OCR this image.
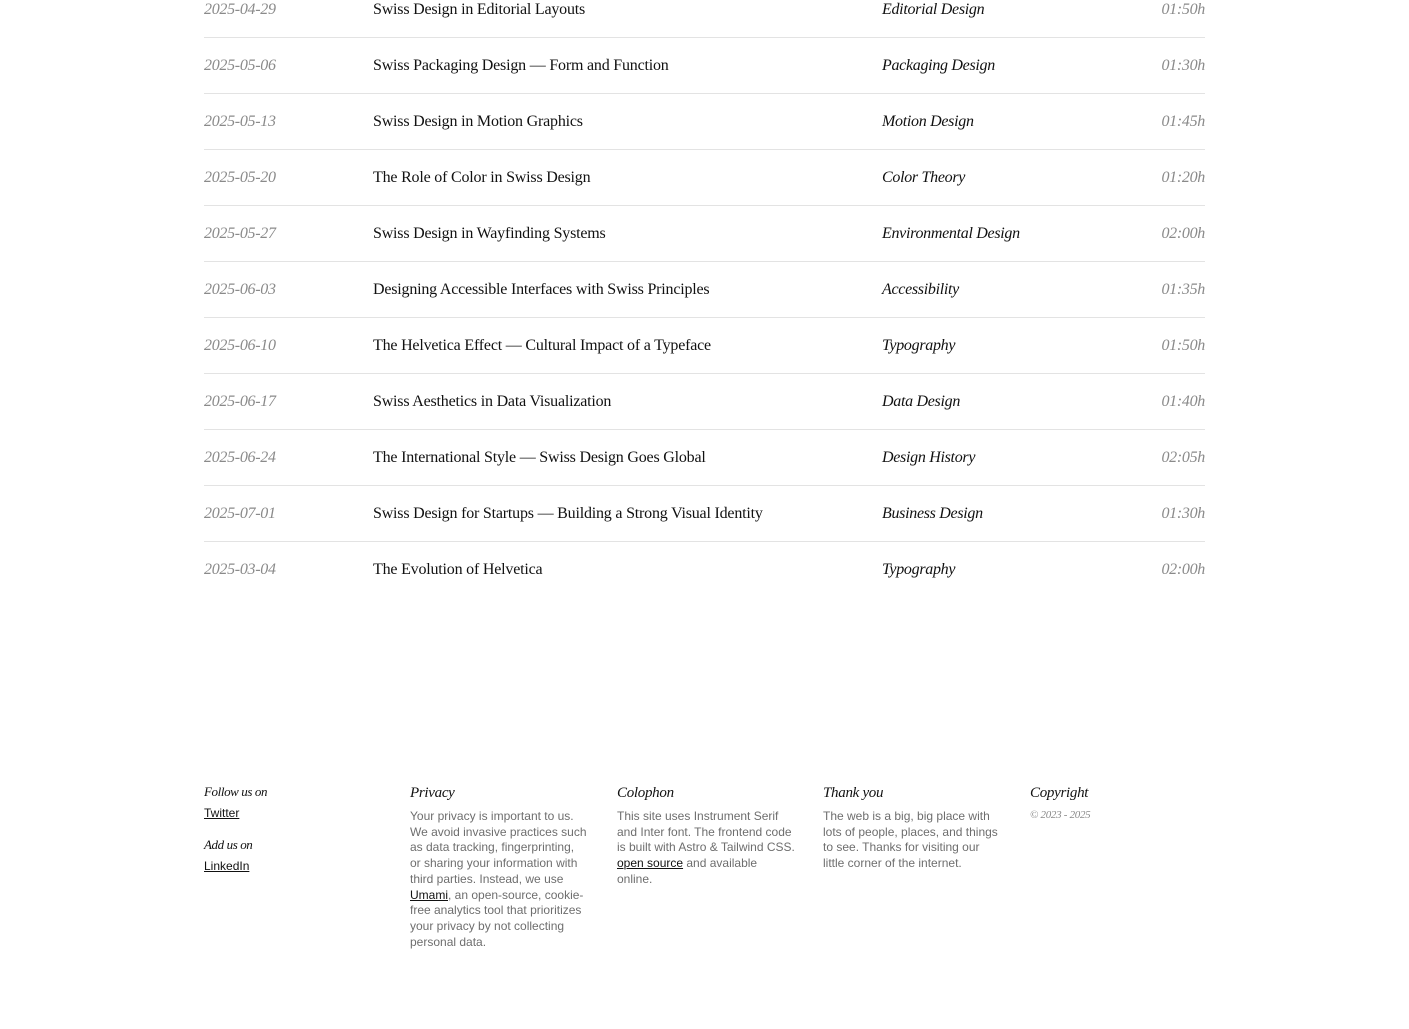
2025-04-29	Swiss Design in Editorial Layouts	Editorial Design	01:50h
2025-05-06	Swiss Packaging Design — Form and Function	Packaging Design	01:30h
2025-05-13	Swiss Design in Motion Graphics	Motion Design	01:45h
2025-05-20	The Role of Color in Swiss Design	Color Theory	01:20h
2025-05-27	Swiss Design in Wayfinding Systems	Environmental Design	02:00h
2025-06-03	Designing Accessible Interfaces with Swiss Principles	Accessibility	01:35h
2025-06-10	The Helvetica Effect — Cultural Impact of a Typeface	Typography	01:50h
2025-06-17	Swiss Aesthetics in Data Visualization	Data Design	01:40h
2025-06-24	The International Style — Swiss Design Goes Global	Design History	02:05h
2025-07-01	Swiss Design for Startups — Building a Strong Visual Identity	Business Design	01:30h
2025-03-04	The Evolution of Helvetica	Typography	02:00h

Follow us on

Twitter

Add us on

LinkedIn

Privacy

Your privacy is important to us. We avoid invasive practices such as data tracking, fingerprinting, or sharing your information with third parties. Instead, we use Umami, an open-source, cookie-free analytics tool that prioritizes your privacy by not collecting personal data.

Colophon

This site uses Instrument Serif and Inter font. The frontend code is built with Astro & Tailwind CSS. open source and available online.

Thank you

The web is a big, big place with lots of people, places, and things to see. Thanks for visiting our little corner of the internet.

Copyright

© 2023 - 2025
